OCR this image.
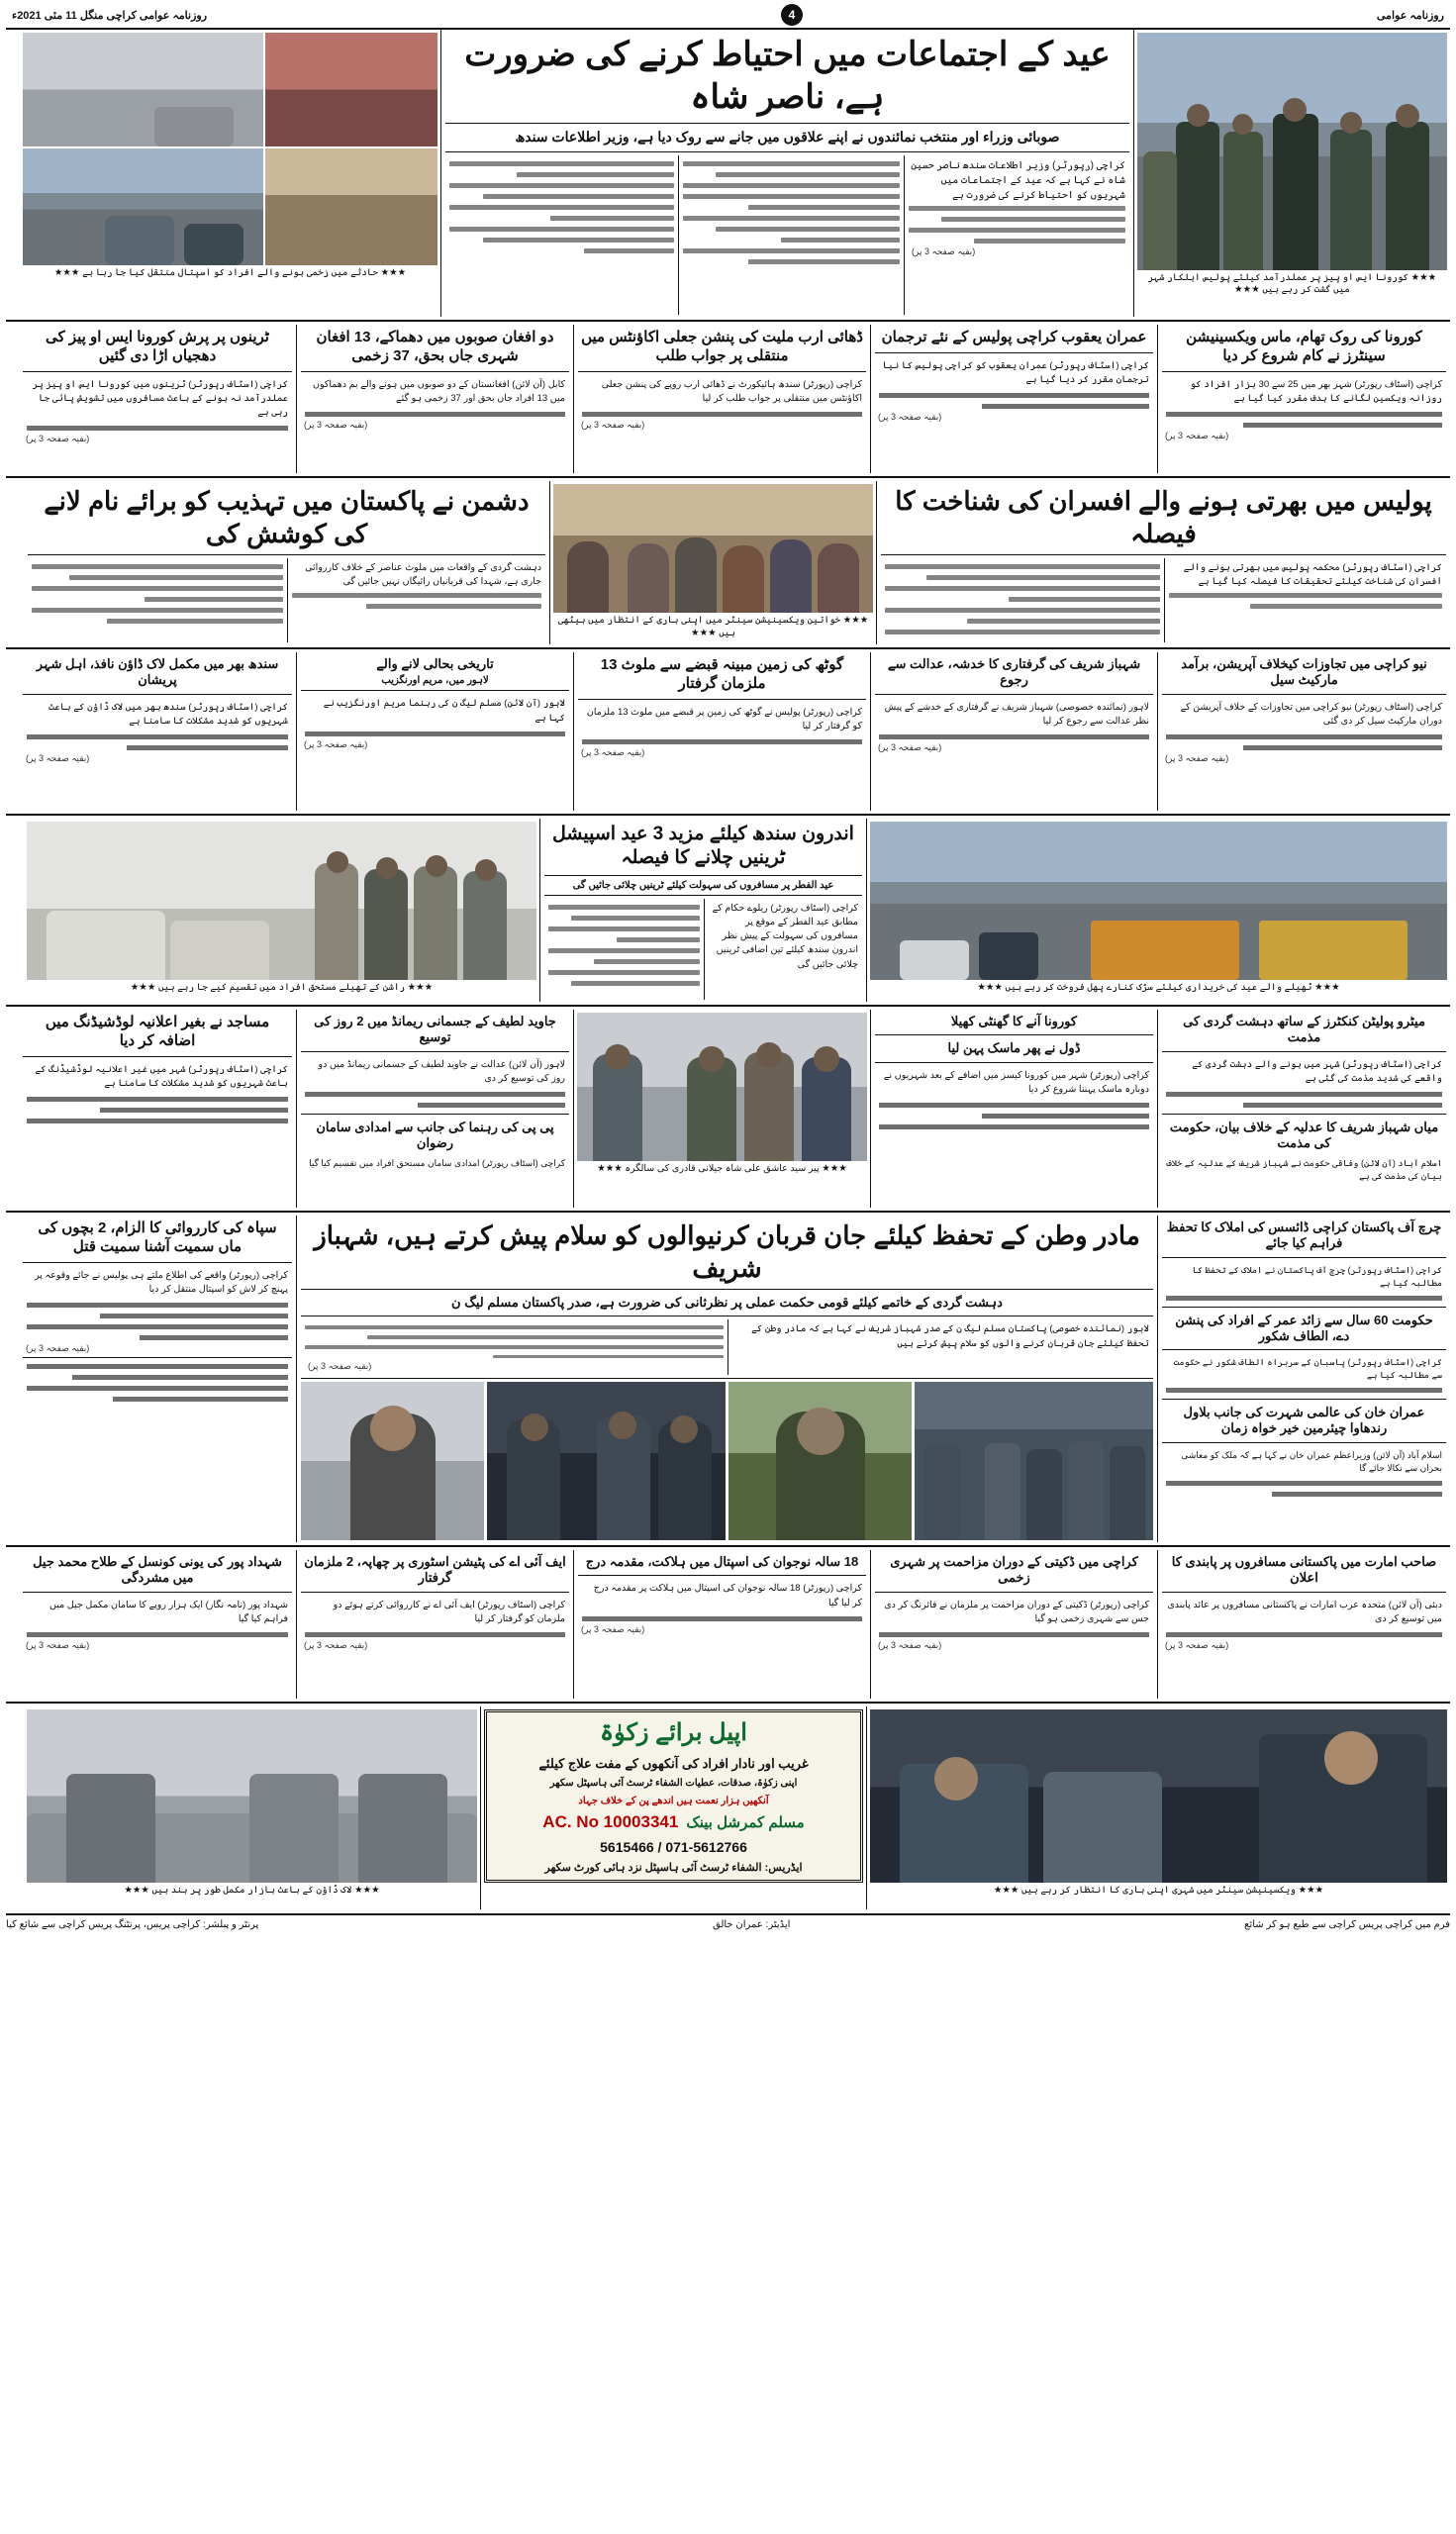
روزنامہ عوامی
4
روزنامہ عوامی کراچی منگل 11 مئی 2021ء
★★★ کورونا ایس او پیز پر عملدرآمد کیلئے پولیس اہلکار شہر میں گشت کر رہے ہیں ★★★
عید کے اجتماعات میں احتیاط کرنے کی ضرورت ہے، ناصر شاہ
صوبائی وزراء اور منتخب نمائندوں نے اپنے علاقوں میں جانے سے روک دیا ہے، وزیر اطلاعات سندھ
کراچی (رپورٹر) وزیر اطلاعات سندھ ناصر حسین شاہ نے کہا ہے کہ عید کے اجتماعات میں شہریوں کو احتیاط کرنے کی ضرورت ہے
(بقیہ صفحہ 3 پر)
★★★ حادثے میں زخمی ہونے والے افراد کو اسپتال منتقل کیا جا رہا ہے ★★★
کورونا کی روک تھام، ماس ویکسینیشن سینٹرز نے کام شروع کر دیا
کراچی (اسٹاف رپورٹر) شہر بھر میں 25 سے 30 ہزار افراد کو روزانہ ویکسین لگانے کا ہدف مقرر کیا گیا ہے
(بقیہ صفحہ 3 پر)
عمران یعقوب کراچی پولیس کے نئے ترجمان
کراچی (اسٹاف رپورٹر) عمران یعقوب کو کراچی پولیس کا نیا ترجمان مقرر کر دیا گیا ہے
(بقیہ صفحہ 3 پر)
ڈھائی ارب ملیت کی پنشن جعلی اکاؤنٹس میں منتقلی پر جواب طلب
کراچی (رپورٹر) سندھ ہائیکورٹ نے ڈھائی ارب روپے کی پنشن جعلی اکاؤنٹس میں منتقلی پر جواب طلب کر لیا
(بقیہ صفحہ 3 پر)
دو افغان صوبوں میں دھماکے، 13 افغان شہری جاں بحق، 37 زخمی
کابل (آن لائن) افغانستان کے دو صوبوں میں ہونے والے بم دھماکوں میں 13 افراد جاں بحق اور 37 زخمی ہو گئے
(بقیہ صفحہ 3 پر)
ٹرینوں پر پرش کورونا ایس او پیز کی دھجیاں اڑا دی گئیں
کراچی (اسٹاف رپورٹر) ٹرینوں میں کورونا ایس او پیز پر عملدرآمد نہ ہونے کے باعث مسافروں میں تشویش پائی جا رہی ہے
(بقیہ صفحہ 3 پر)
پولیس میں بھرتی ہونے والے افسران کی شناخت کا فیصلہ
کراچی (اسٹاف رپورٹر) محکمہ پولیس میں بھرتی ہونے والے افسران کی شناخت کیلئے تحقیقات کا فیصلہ کیا گیا ہے
★★★ خواتین ویکسینیشن سینٹر میں اپنی باری کے انتظار میں بیٹھی ہیں ★★★
دشمن نے پاکستان میں تہذیب کو برائے نام لانے کی کوشش کی
دہشت گردی کے واقعات میں ملوث عناصر کے خلاف کارروائی جاری ہے، شہدا کی قربانیاں رائیگاں نہیں جائیں گی
نیو کراچی میں تجاوزات کیخلاف آپریشن، برآمد مارکیٹ سیل
کراچی (اسٹاف رپورٹر) نیو کراچی میں تجاوزات کے خلاف آپریشن کے دوران مارکیٹ سیل کر دی گئی
(بقیہ صفحہ 3 پر)
شہباز شریف کی گرفتاری کا خدشہ، عدالت سے رجوع
لاہور (نمائندہ خصوصی) شہباز شریف نے گرفتاری کے خدشے کے پیش نظر عدالت سے رجوع کر لیا
(بقیہ صفحہ 3 پر)
گوٹھ کی زمین مبینہ قبضے سے ملوث 13 ملزمان گرفتار
کراچی (رپورٹر) پولیس نے گوٹھ کی زمین پر قبضے میں ملوث 13 ملزمان کو گرفتار کر لیا
(بقیہ صفحہ 3 پر)
تاریخی بحالی لانے والے
لاہور میں، مریم اورنگزیب
لاہور (آن لائن) مسلم لیگ ن کی رہنما مریم اورنگزیب نے کہا ہے
(بقیہ صفحہ 3 پر)
سندھ بھر میں مکمل لاک ڈاؤن نافذ، اہل شہر پریشان
کراچی (اسٹاف رپورٹر) سندھ بھر میں لاک ڈاؤن کے باعث شہریوں کو شدید مشکلات کا سامنا ہے
(بقیہ صفحہ 3 پر)
★★★ ٹھیلے والے عید کی خریداری کیلئے سڑک کنارے پھل فروخت کر رہے ہیں ★★★
اندرون سندھ کیلئے مزید 3 عید اسپیشل ٹرینیں چلانے کا فیصلہ
عید الفطر پر مسافروں کی سہولت کیلئے ٹرینیں چلائی جائیں گی
کراچی (اسٹاف رپورٹر) ریلوے حکام کے مطابق عید الفطر کے موقع پر مسافروں کی سہولت کے پیش نظر اندرون سندھ کیلئے تین اضافی ٹرینیں چلائی جائیں گی
★★★ راشن کے تھیلے مستحق افراد میں تقسیم کیے جا رہے ہیں ★★★
میٹرو پولیٹن کنکٹرز کے ساتھ دہشت گردی کی مذمت
کراچی (اسٹاف رپورٹر) شہر میں ہونے والے دہشت گردی کے واقعے کی شدید مذمت کی گئی ہے
میاں شہباز شریف کا عدلیہ کے خلاف بیان، حکومت کی مذمت
اسلام آباد (آن لائن) وفاقی حکومت نے شہباز شریف کے عدلیہ کے خلاف بیان کی مذمت کی ہے
کورونا آنے کا گھنٹی کھیلا
ڈول نے پھر ماسک پہن لیا
کراچی (رپورٹر) شہر میں کورونا کیسز میں اضافے کے بعد شہریوں نے دوبارہ ماسک پہننا شروع کر دیا
★★★ پیر سید عاشق علی شاہ جیلانی قادری کی سالگرہ ★★★
جاوید لطیف کے جسمانی ریمانڈ میں 2 روز کی توسیع
لاہور (آن لائن) عدالت نے جاوید لطیف کے جسمانی ریمانڈ میں دو روز کی توسیع کر دی
پی پی کی رہنما کی جانب سے امدادی سامان رضوان
کراچی (اسٹاف رپورٹر) امدادی سامان مستحق افراد میں تقسیم کیا گیا
مساجد نے بغیر اعلانیہ لوڈشیڈنگ میں اضافہ کر دیا
کراچی (اسٹاف رپورٹر) شہر میں غیر اعلانیہ لوڈشیڈنگ کے باعث شہریوں کو شدید مشکلات کا سامنا ہے
چرچ آف پاکستان کراچی ڈائسس کی املاک کا تحفظ فراہم کیا جائے
کراچی (اسٹاف رپورٹر) چرچ آف پاکستان نے املاک کے تحفظ کا مطالبہ کیا ہے
حکومت 60 سال سے زائد عمر کے افراد کی پنشن دے، الطاف شکور
کراچی (اسٹاف رپورٹر) پاسبان کے سربراہ الطاف شکور نے حکومت سے مطالبہ کیا ہے
عمران خان کی عالمی شہرت کی جانب بلاول رندھاوا چیئرمین خیر خواہ زمان
اسلام آباد (آن لائن) وزیراعظم عمران خان نے کہا ہے کہ ملک کو معاشی بحران سے نکالا جائے گا
مادر وطن کے تحفظ کیلئے جان قربان کرنیوالوں کو سلام پیش کرتے ہیں، شہباز شریف
دہشت گردی کے خاتمے کیلئے قومی حکمت عملی پر نظرثانی کی ضرورت ہے، صدر پاکستان مسلم لیگ ن
لاہور (نمائندہ خصوصی) پاکستان مسلم لیگ ن کے صدر شہباز شریف نے کہا ہے کہ مادر وطن کے تحفظ کیلئے جان قربان کرنے والوں کو سلام پیش کرتے ہیں
(بقیہ صفحہ 3 پر)
سپاہ کی کارروائی کا الزام، 2 بچوں کی ماں سمیت آشنا سمیت قتل
کراچی (رپورٹر) واقعے کی اطلاع ملتے ہی پولیس نے جائے وقوعہ پر پہنچ کر لاش کو اسپتال منتقل کر دیا
(بقیہ صفحہ 3 پر)
صاحب امارت میں پاکستانی مسافروں پر پابندی کا اعلان
دبئی (آن لائن) متحدہ عرب امارات نے پاکستانی مسافروں پر عائد پابندی میں توسیع کر دی
(بقیہ صفحہ 3 پر)
کراچی میں ڈکیتی کے دوران مزاحمت پر شہری زخمی
کراچی (رپورٹر) ڈکیتی کے دوران مزاحمت پر ملزمان نے فائرنگ کر دی جس سے شہری زخمی ہو گیا
(بقیہ صفحہ 3 پر)
18 سالہ نوجوان کی اسپتال میں ہلاکت، مقدمہ درج
کراچی (رپورٹر) 18 سالہ نوجوان کی اسپتال میں ہلاکت پر مقدمہ درج کر لیا گیا
(بقیہ صفحہ 3 پر)
ایف آئی اے کی پٹیشن اسٹوری پر چھاپہ، 2 ملزمان گرفتار
کراچی (اسٹاف رپورٹر) ایف آئی اے نے کارروائی کرتے ہوئے دو ملزمان کو گرفتار کر لیا
(بقیہ صفحہ 3 پر)
شہداد پور کی یونی کونسل کے طلاح محمد جیل میں مشردگی
شہداد پور (نامہ نگار) ایک ہزار روپے کا سامان مکمل جیل میں فراہم کیا گیا
(بقیہ صفحہ 3 پر)
★★★ ویکسینیشن سینٹر میں شہری اپنی باری کا انتظار کر رہے ہیں ★★★
اپیل برائے زکوٰۃ
غریب اور نادار افراد کی آنکھوں کے مفت علاج کیلئے
اپنی زکوٰۃ، صدقات، عطیات الشفاء ٹرسٹ آئی ہاسپٹل سکھر
آنکھیں ہزار نعمت ہیں اندھے پن کے خلاف جہاد
مسلم کمرشل بینک
AC. No 10003341
071-5612766 / 5615466
ایڈریس: الشفاء ٹرسٹ آئی ہاسپٹل نزد ہائی کورٹ سکھر
★★★ لاک ڈاؤن کے باعث بازار مکمل طور پر بند ہیں ★★★
فرم میں کراچی پریس کراچی سے طبع ہو کر شائع
ایڈیٹر: عمران خالق
پرنٹر و پبلشر: کراچی پریس، پرنٹنگ پریس کراچی سے شائع کیا
